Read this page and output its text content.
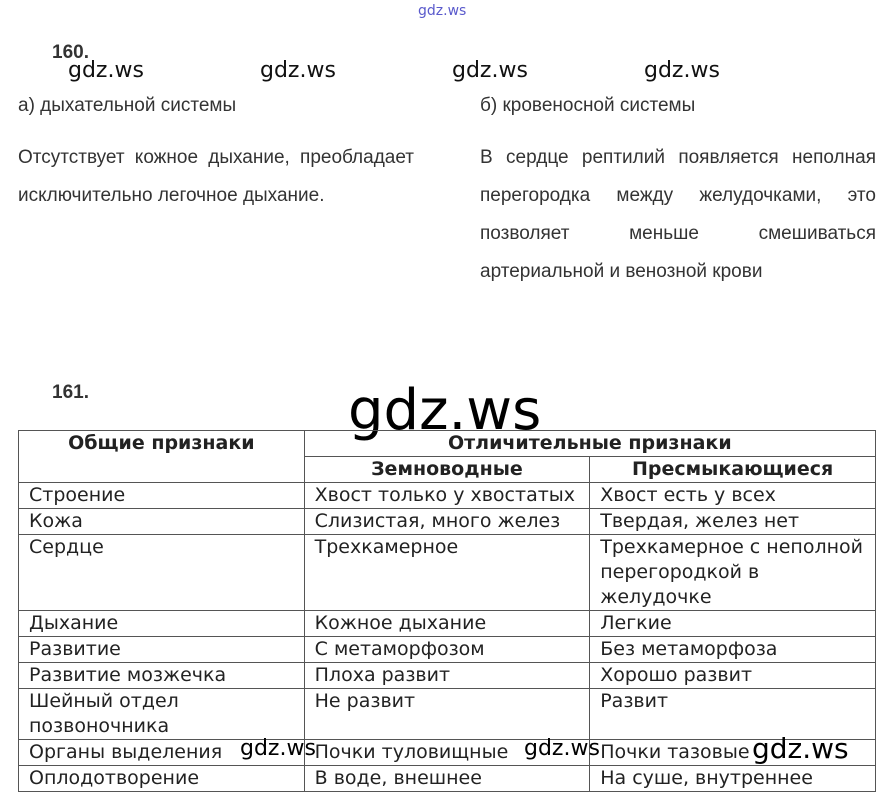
gdz.ws
160.
gdz.ws	gdz.ws	gdz.ws	gdz.ws
а) дыхательной системы	б) кровеносной системы
Отсутствует кожное дыхание, преобладает исключительно легочное дыхание.
В сердце рептилий появляется неполная перегородка между желудочками, это позволяет меньше смешиваться артериальной и венозной крови
161.	gdz.ws
Общие признаки	Отличительные признаки	
	Земноводные	Пресмыкающиеся
Строение	Хвост только у хвостатых	Хвост есть у всех
Кожа	Слизистая, много желез	Твердая, желез нет
Сердце	Трехкамерное	Трехкамерное с неполной перегородкой в желудочке
Дыхание	Кожное дыхание	Легкие
Развитие	С метаморфозом	Без метаморфоза
Развитие мозжечка	Плоха развит	Хорошо развит
Шейный отдел позвоночника	Не развит	Развит
Органы выделения	Почки туловищные	Почки тазовые
Оплодотворение	В воде, внешнее	На суше, внутреннее
gdz.ws	gdz.ws	gdz.ws
